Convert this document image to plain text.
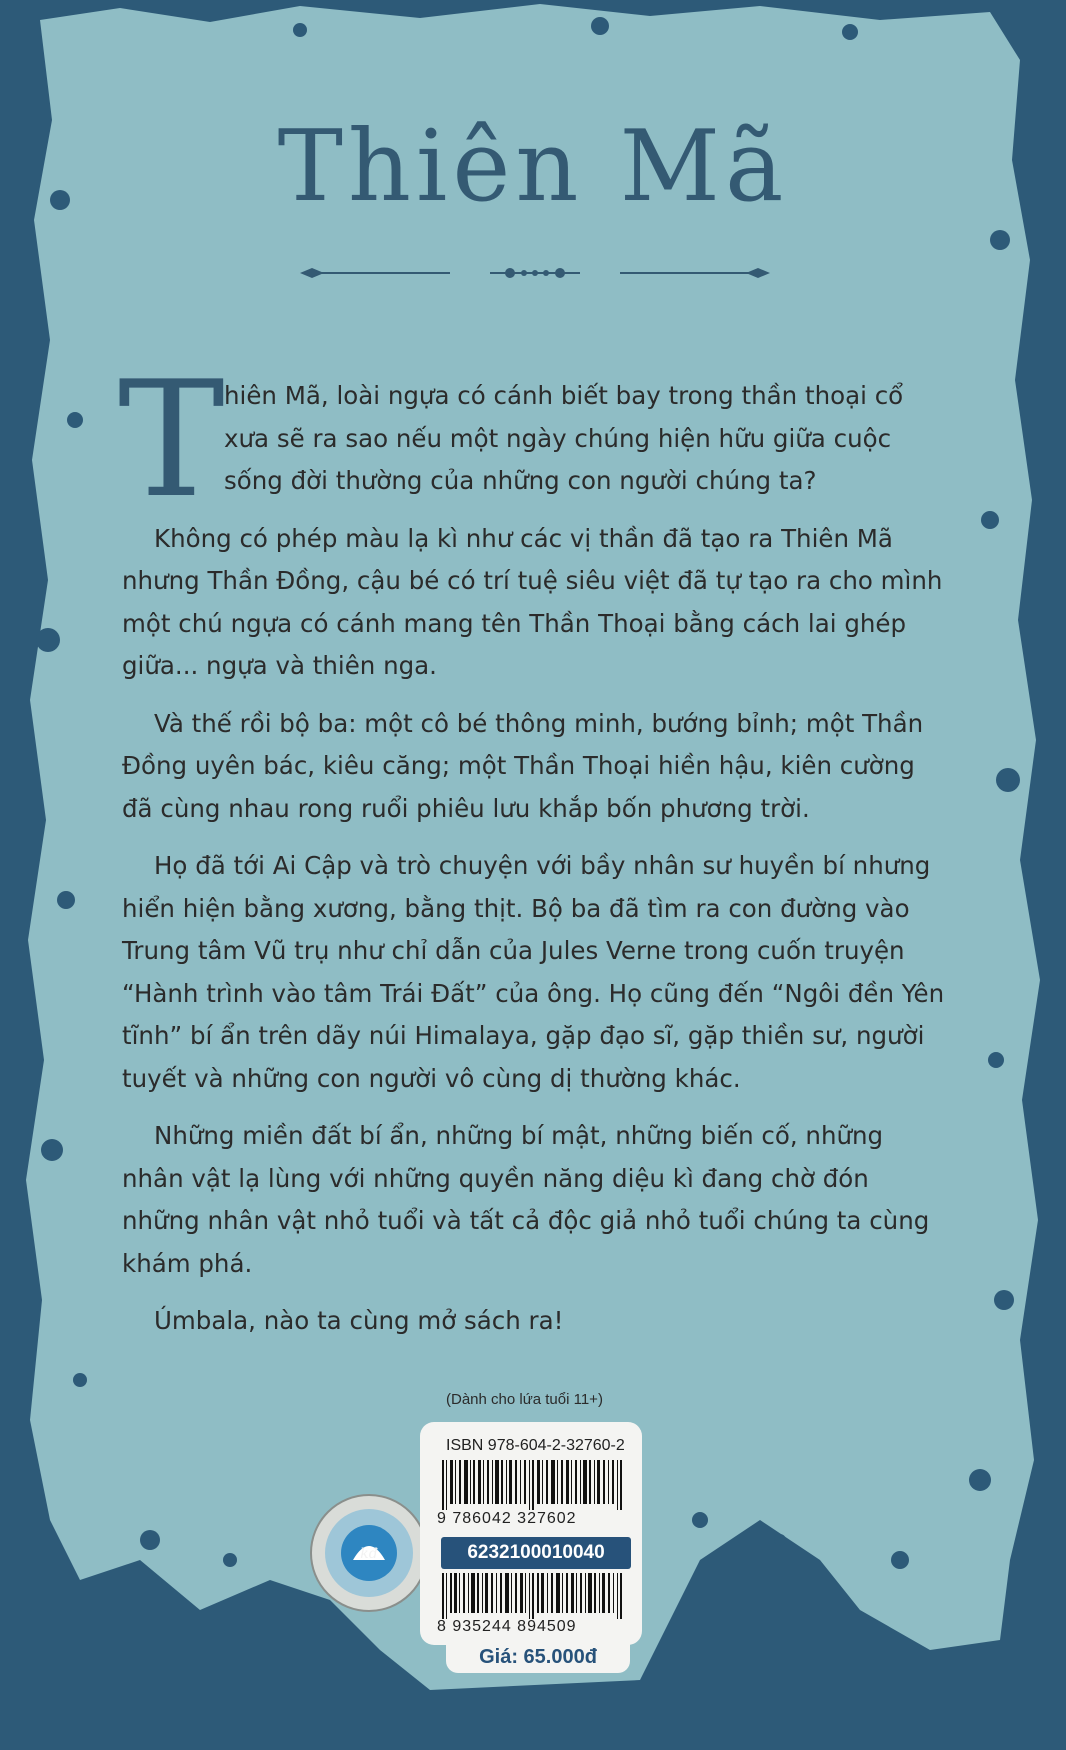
Thiên Mã
T hiên Mã, loài ngựa có cánh biết bay trong thần thoại cổ xưa sẽ ra sao nếu một ngày chúng hiện hữu giữa cuộc sống đời thường của những con người chúng ta?

Không có phép màu lạ kì như các vị thần đã tạo ra Thiên Mã nhưng Thần Đồng, cậu bé có trí tuệ siêu việt đã tự tạo ra cho mình một chú ngựa có cánh mang tên Thần Thoại bằng cách lai ghép giữa... ngựa và thiên nga.

Và thế rồi bộ ba: một cô bé thông minh, bướng bỉnh; một Thần Đồng uyên bác, kiêu căng; một Thần Thoại hiền hậu, kiên cường đã cùng nhau rong ruổi phiêu lưu khắp bốn phương trời.

Họ đã tới Ai Cập và trò chuyện với bầy nhân sư huyền bí nhưng hiển hiện bằng xương, bằng thịt. Bộ ba đã tìm ra con đường vào Trung tâm Vũ trụ như chỉ dẫn của Jules Verne trong cuốn truyện “Hành trình vào tâm Trái Đất” của ông. Họ cũng đến “Ngôi đền Yên tĩnh” bí ẩn trên dãy núi Himalaya, gặp đạo sĩ, gặp thiền sư, người tuyết và những con người vô cùng dị thường khác.

Những miền đất bí ẩn, những bí mật, những biến cố, những nhân vật lạ lùng với những quyền năng diệu kì đang chờ đón những nhân vật nhỏ tuổi và tất cả độc giả nhỏ tuổi chúng ta cùng khám phá.

Úmbala, nào ta cùng mở sách ra!

(Dành cho lứa tuổi 11+)
kđ
ISBN 978-604-2-32760-2
9 786042 327602
6232100010040
8 935244 894509
Giá: 65.000đ
